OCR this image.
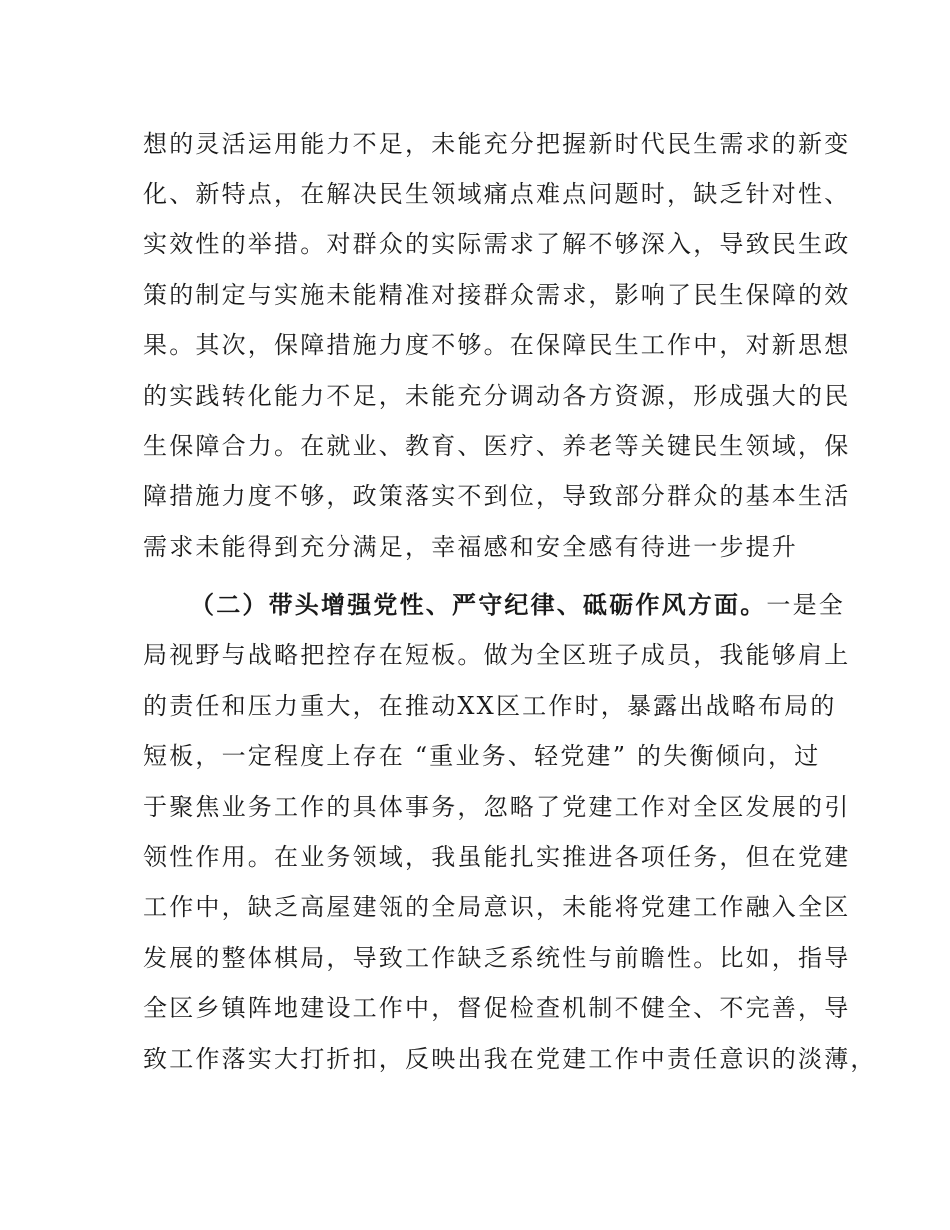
想的灵活运用能力不足，未能充分把握新时代民生需求的新变
化、新特点，在解决民生领域痛点难点问题时，缺乏针对性、
实效性的举措。对群众的实际需求了解不够深入，导致民生政
策的制定与实施未能精准对接群众需求，影响了民生保障的效
果。其次，保障措施力度不够。在保障民生工作中，对新思想
的实践转化能力不足，未能充分调动各方资源，形成强大的民
生保障合力。在就业、教育、医疗、养老等关键民生领域，保
障措施力度不够，政策落实不到位，导致部分群众的基本生活
需求未能得到充分满足，幸福感和安全感有待进一步提升
（二）带头增强党性、严守纪律、砥砺作风方面。一是全
局视野与战略把控存在短板。做为全区班子成员，我能够肩上
的责任和压力重大，在推动XX区工作时，暴露出战略布局的
短板，一定程度上存在 “重业务、轻党建” 的失衡倾向，过
于聚焦业务工作的具体事务，忽略了党建工作对全区发展的引
领性作用。在业务领域，我虽能扎实推进各项任务，但在党建
工作中，缺乏高屋建瓴的全局意识，未能将党建工作融入全区
发展的整体棋局，导致工作缺乏系统性与前瞻性。比如，指导
全区乡镇阵地建设工作中，督促检查机制不健全、不完善，导
致工作落实大打折扣，反映出我在党建工作中责任意识的淡薄，
